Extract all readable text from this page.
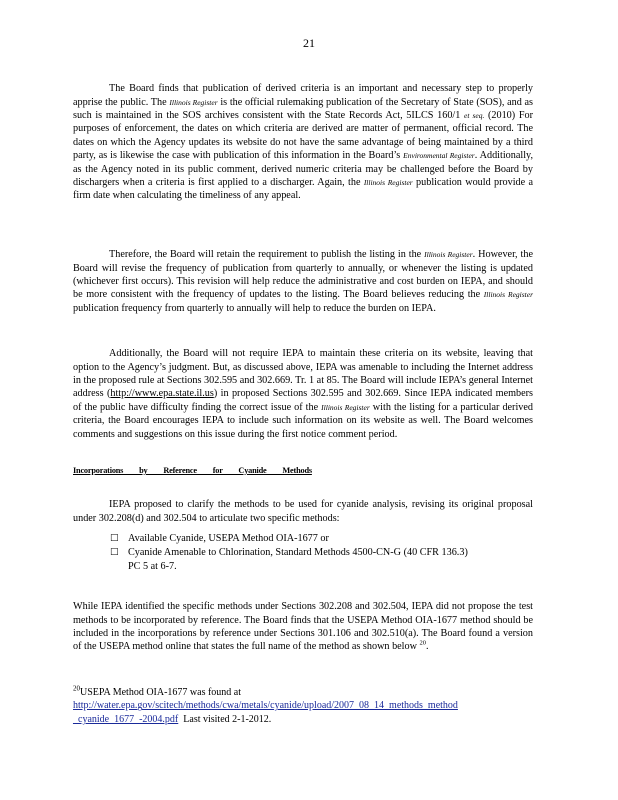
21

The Board finds that publication of derived criteria is an important and necessary step to properly apprise the public. The Illinois Register is the official rulemaking publication of the Secretary of State (SOS), and as such is maintained in the SOS archives consistent with the State Records Act, 5ILCS 160/1 et seq. (2010) For purposes of enforcement, the dates on which criteria are derived are matter of permanent, official record. The dates on which the Agency updates its website do not have the same advantage of being maintained by a third party, as is likewise the case with publication of this information in the Board’s Environmental Register. Additionally, as the Agency noted in its public comment, derived numeric criteria may be challenged before the Board by dischargers when a criteria is first applied to a discharger. Again, the Illinois Register publication would provide a firm date when calculating the timeliness of any appeal.

Therefore, the Board will retain the requirement to publish the listing in the Illinois Register. However, the Board will revise the frequency of publication from quarterly to annually, or whenever the listing is updated (whichever first occurs). This revision will help reduce the administrative and cost burden on IEPA, and should be more consistent with the frequency of updates to the listing. The Board believes reducing the Illinois Register publication frequency from quarterly to annually will help to reduce the burden on IEPA.

Additionally, the Board will not require IEPA to maintain these criteria on its website, leaving that option to the Agency’s judgment. But, as discussed above, IEPA was amenable to including the Internet address in the proposed rule at Sections 302.595 and 302.669. Tr. 1 at 85. The Board will include IEPA’s general Internet address (http://www.epa.state.il.us) in proposed Sections 302.595 and 302.669. Since IEPA indicated members of the public have difficulty finding the correct issue of the Illinois Register with the listing for a particular derived criteria, the Board encourages IEPA to include such information on its website as well. The Board welcomes comments and suggestions on this issue during the first notice comment period.

Incorporations by Reference for Cyanide Methods

IEPA proposed to clarify the methods to be used for cyanide analysis, revising its original proposal under 302.208(d) and 302.504 to articulate two specific methods:

□ Available Cyanide, USEPA Method OIA-1677 or
□ Cyanide Amenable to Chlorination, Standard Methods 4500-CN-G (40 CFR 136.3)
PC 5 at 6-7.

While IEPA identified the specific methods under Sections 302.208 and 302.504, IEPA did not propose the test methods to be incorporated by reference. The Board finds that the USEPA Method OIA-1677 method should be included in the incorporations by reference under Sections 301.106 and 302.510(a). The Board found a version of the USEPA method online that states the full name of the method as shown below $^{20}$.

$^{20}$USEPA Method OIA-1677 was found at
http://water.epa.gov/scitech/methods/cwa/metals/cyanide/upload/2007_08_14_methods_method
_cyanide_1677_-2004.pdf Last visited 2-1-2012.
